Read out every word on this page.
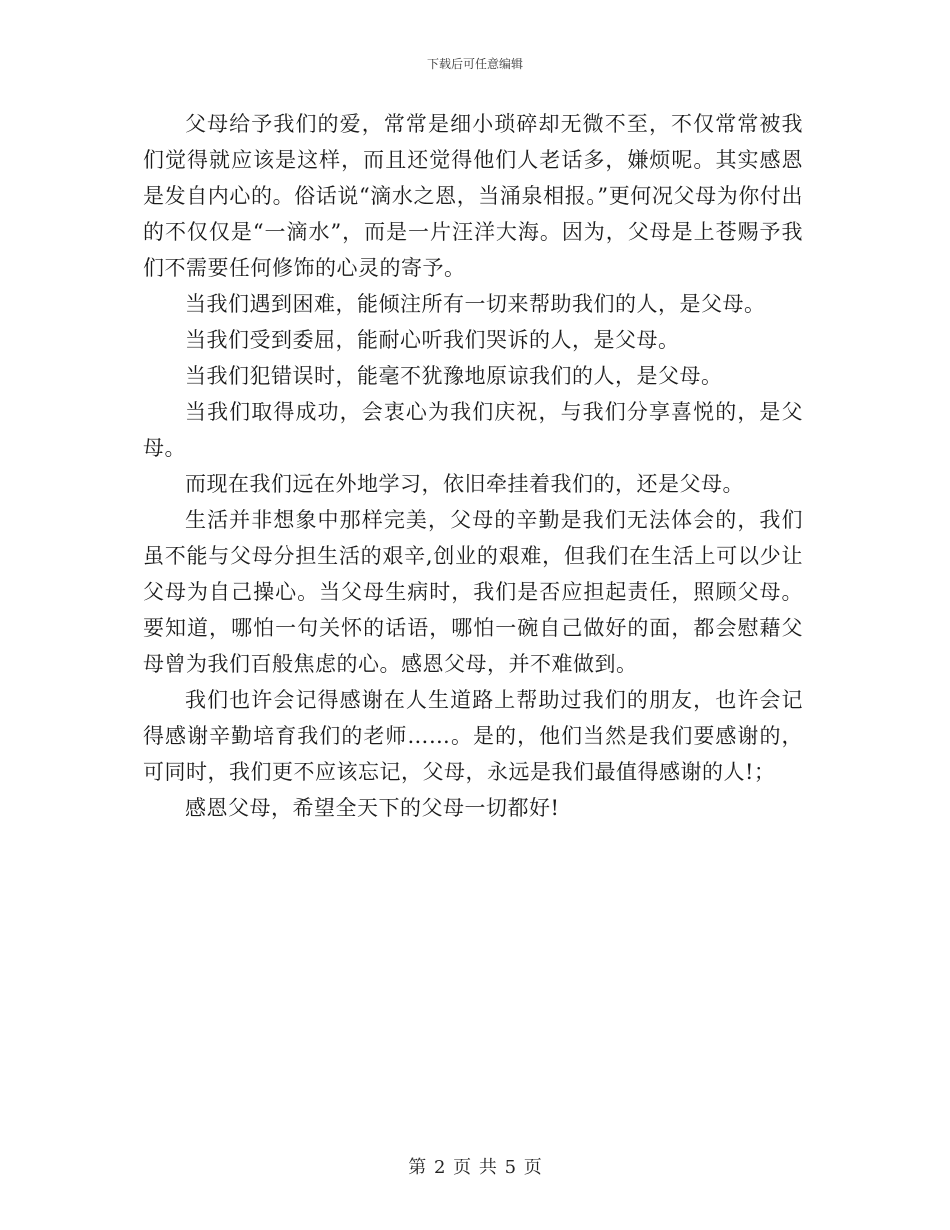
下载后可任意编辑

父母给予我们的爱，常常是细小琐碎却无微不至，不仅常常被我们觉得就应该是这样，而且还觉得他们人老话多，嫌烦呢。其实感恩是发自内心的。俗话说“滴水之恩，当涌泉相报。”更何况父母为你付出的不仅仅是“一滴水”，而是一片汪洋大海。因为，父母是上苍赐予我们不需要任何修饰的心灵的寄予。

当我们遇到困难，能倾注所有一切来帮助我们的人，是父母。

当我们受到委屈，能耐心听我们哭诉的人，是父母。

当我们犯错误时，能毫不犹豫地原谅我们的人，是父母。

当我们取得成功，会衷心为我们庆祝，与我们分享喜悦的，是父母。

而现在我们远在外地学习，依旧牵挂着我们的，还是父母。

生活并非想象中那样完美，父母的辛勤是我们无法体会的，我们虽不能与父母分担生活的艰辛,创业的艰难，但我们在生活上可以少让父母为自己操心。当父母生病时，我们是否应担起责任，照顾父母。要知道，哪怕一句关怀的话语，哪怕一碗自己做好的面，都会慰藉父母曾为我们百般焦虑的心。感恩父母，并不难做到。

我们也许会记得感谢在人生道路上帮助过我们的朋友，也许会记得感谢辛勤培育我们的老师……。是的，他们当然是我们要感谢的，可同时，我们更不应该忘记，父母，永远是我们最值得感谢的人!；

感恩父母，希望全天下的父母一切都好!

第 2 页 共 5 页
